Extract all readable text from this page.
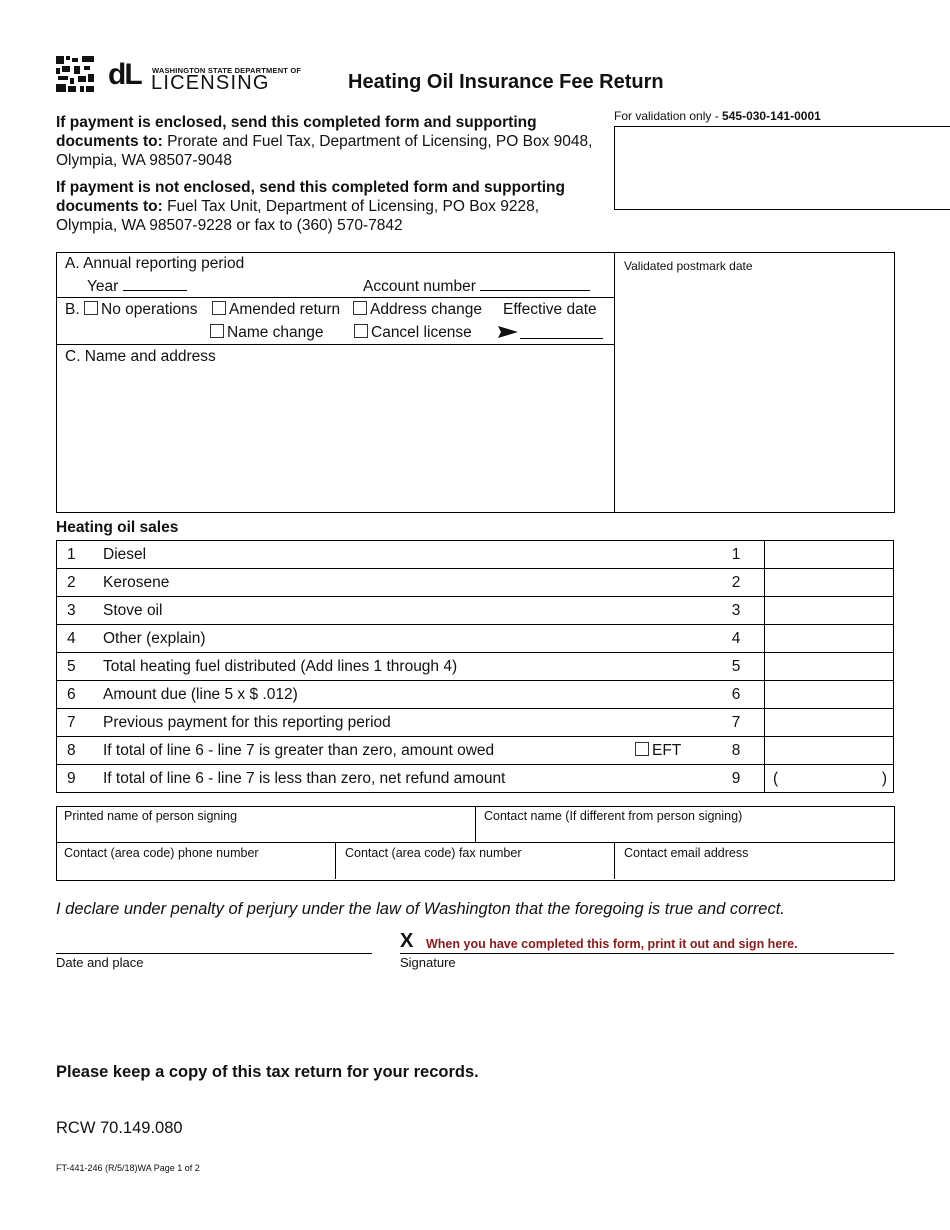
dL WASHINGTON STATE DEPARTMENT OF
LICENSING	Heating Oil Insurance Fee Return
If payment is enclosed, send this completed form and supporting documents to: Prorate and Fuel Tax, Department of Licensing, PO Box 9048, Olympia, WA 98507-9048
If payment is not enclosed, send this completed form and supporting documents to: Fuel Tax Unit, Department of Licensing, PO Box 9228, Olympia, WA 98507-9228 or fax to (360) 570-7842
For validation only - 545-030-141-0001
Validated postmark date
A. Annual reporting period
Year	Account number
B.	No operations	Amended return	Address change Effective date
Name change	Cancel license
C. Name and address
Heating oil sales
1	Diesel	1	
2	Kerosene	2	
3	Stove oil	3	
4	Other (explain)	4	
5	Total heating fuel distributed (Add lines 1 through 4)	5	
6	Amount due (line 5 x $ .012)	6	
7	Previous payment for this reporting period	7	
8	If total of line 6 - line 7 is greater than zero, amount owed EFT	8	

9	If total of line 6 - line 7 is less than zero, net refund amount	9	( )
Printed name of person signing	Contact name (If different from person signing)
Contact (area code) phone number	Contact (area code) fax number	Contact email address
I declare under penalty of perjury under the law of Washington that the foregoing is true and correct.
X When you have completed this form, print it out and sign here.
Date and place	Signature
Please keep a copy of this tax return for your records.
RCW 70.149.080
FT-441-246 (R/5/18)WA Page 1 of 2
